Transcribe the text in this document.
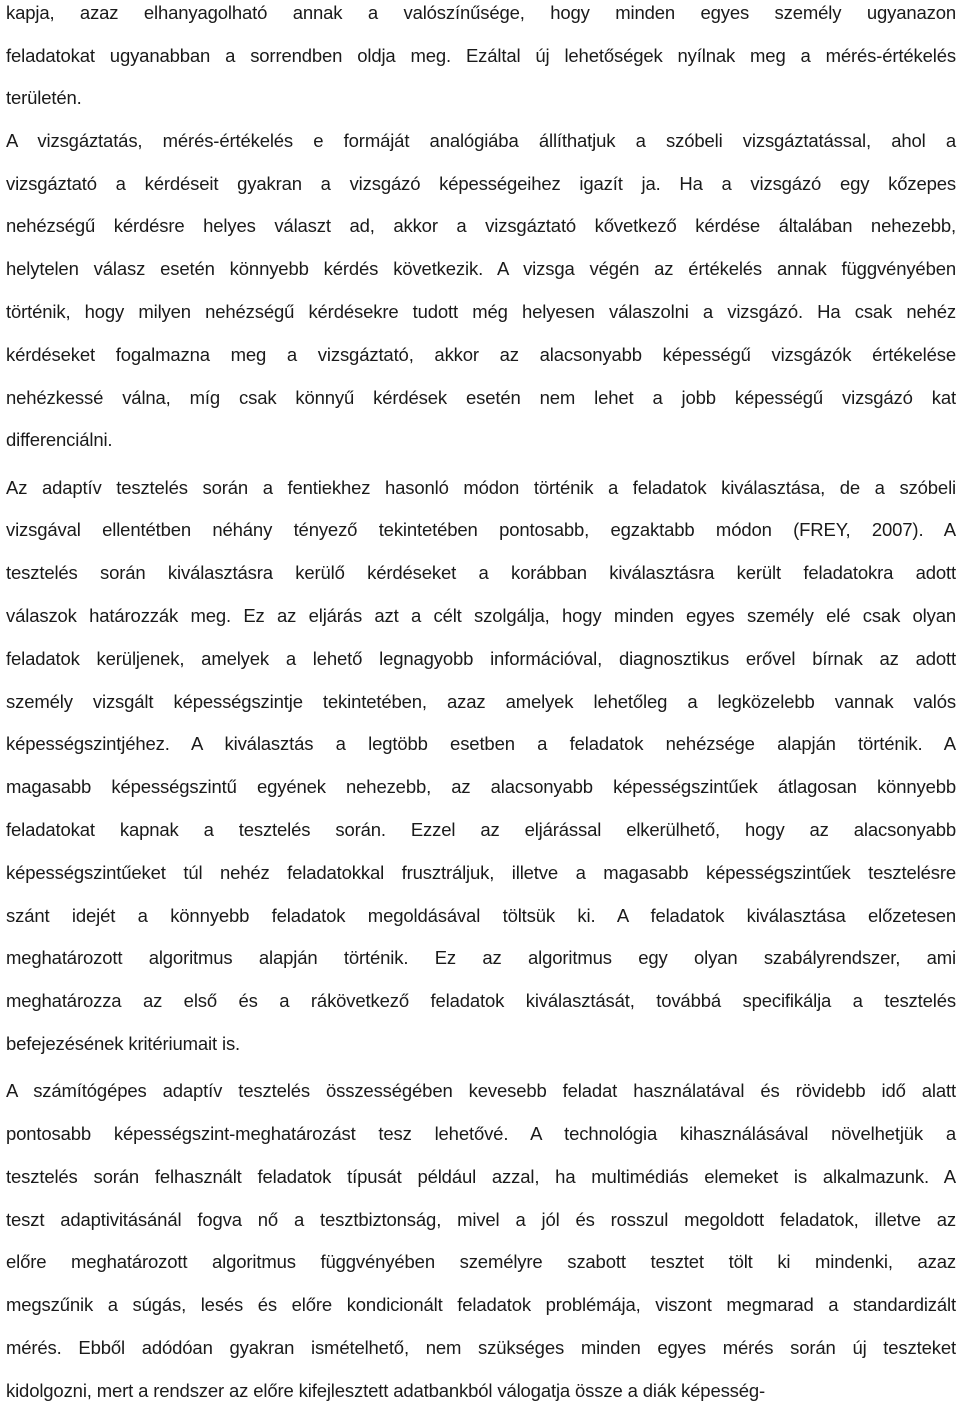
kapja, azaz elhanyagolható annak a valószínűsége, hogy minden egyes személy ugyanazon
feladatokat ugyanabban a sorrendben oldja meg. Ezáltal új lehetőségek nyílnak meg a mérés-értékelés
területén.
A vizsgáztatás, mérés-értékelés e formáját analógiába állíthatjuk a szóbeli vizsgáztatással, ahol a
vizsgáztató a kérdéseit gyakran a vizsgázó képességeihez igazít ja. Ha a vizsgázó egy kőzepes
nehézségű kérdésre helyes választ ad, akkor a vizsgáztató kővetkező kérdése általában nehezebb,
helytelen válasz esetén könnyebb kérdés következik. A vizsga végén az értékelés annak függvényében
történik, hogy milyen nehézségű kérdésekre tudott még helyesen válaszolni a vizsgázó. Ha csak nehéz
kérdéseket fogalmazna meg a vizsgáztató, akkor az alacsonyabb képességű vizsgázók értékelése
nehézkessé válna, míg csak könnyű kérdések esetén nem lehet a jobb képességű vizsgázó kat
differenciálni.
Az adaptív tesztelés során a fentiekhez hasonló módon történik a feladatok kiválasztása, de a szóbeli
vizsgával ellentétben néhány tényező tekintetében pontosabb, egzaktabb módon (FREY, 2007). A
tesztelés során kiválasztásra kerülő kérdéseket a korábban kiválasztásra került feladatokra adott
válaszok határozzák meg. Ez az eljárás azt a célt szolgálja, hogy minden egyes személy elé csak olyan
feladatok kerüljenek, amelyek a lehető legnagyobb információval, diagnosztikus erővel bírnak az adott
személy vizsgált képességszintje tekintetében, azaz amelyek lehetőleg a legközelebb vannak valós
képességszintjéhez. A kiválasztás a legtöbb esetben a feladatok nehézsége alapján történik. A
magasabb képességszintű egyének nehezebb, az alacsonyabb képességszintűek átlagosan könnyebb
feladatokat kapnak a tesztelés során. Ezzel az eljárással elkerülhető, hogy az alacsonyabb
képességszintűeket túl nehéz feladatokkal frusztráljuk, illetve a magasabb képességszintűek tesztelésre
szánt idejét a könnyebb feladatok megoldásával töltsük ki. A feladatok kiválasztása előzetesen
meghatározott algoritmus alapján történik. Ez az algoritmus egy olyan szabályrendszer, ami
meghatározza az első és a rákövetkező feladatok kiválasztását, továbbá specifikálja a tesztelés
befejezésének kritériumait is.
A számítógépes adaptív tesztelés összességében kevesebb feladat használatával és rövidebb idő alatt
pontosabb képességszint-meghatározást tesz lehetővé. A technológia kihasználásával növelhetjük a
tesztelés során felhasznált feladatok típusát például azzal, ha multimédiás elemeket is alkalmazunk. A
teszt adaptivitásánál fogva nő a tesztbiztonság, mivel a jól és rosszul megoldott feladatok, illetve az
előre meghatározott algoritmus függvényében személyre szabott tesztet tölt ki mindenki, azaz
megszűnik a súgás, lesés és előre kondicionált feladatok problémája, viszont megmarad a standardizált
mérés. Ebből adódóan gyakran ismételhető, nem szükséges minden egyes mérés során új teszteket
kidolgozni, mert a rendszer az előre kifejlesztett adatbankból válogatja össze a diák képesség-
